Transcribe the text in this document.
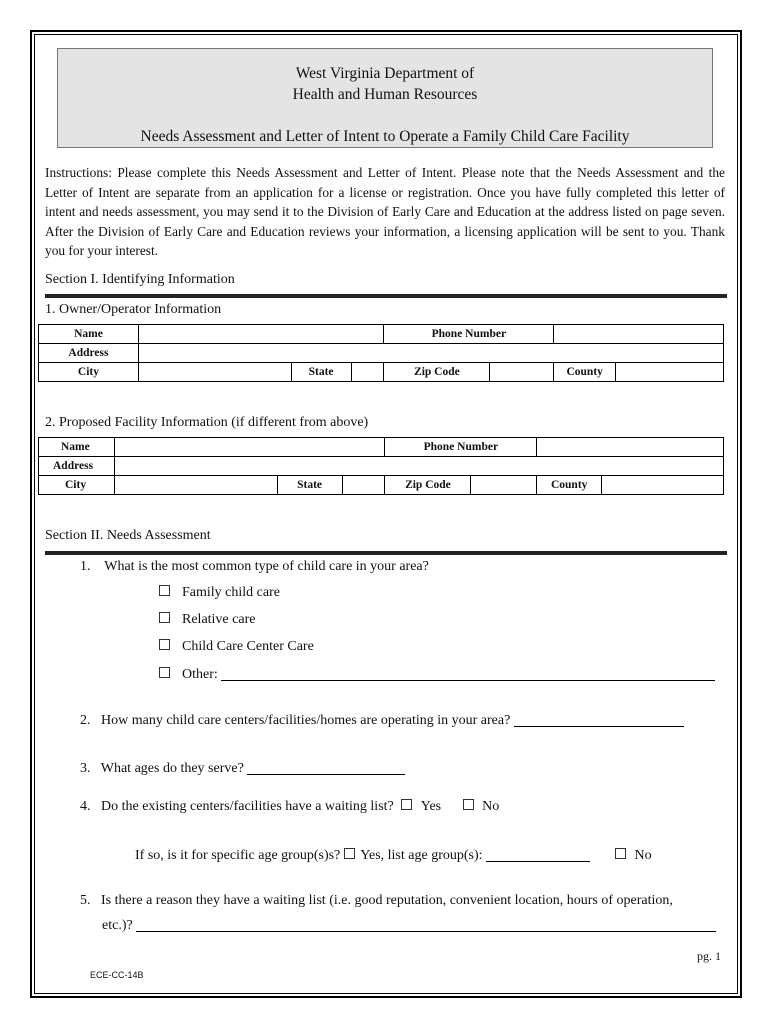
West Virginia Department of
Health and Human Resources
Needs Assessment and Letter of Intent to Operate a Family Child Care Facility

Instructions: Please complete this Needs Assessment and Letter of Intent. Please note that the Needs Assessment and the Letter of Intent are separate from an application for a license or registration. Once you have fully completed this letter of intent and needs assessment, you may send it to the Division of Early Care and Education at the address listed on page seven. After the Division of Early Care and Education reviews your information, a licensing application will be sent to you. Thank you for your interest.

Section I. Identifying Information
1. Owner/Operator Information
Name				Phone Number			
Address							
City		State		Zip Code		County	
2. Proposed Facility Information (if different from above)
Name				Phone Number			
Address							
City		State		Zip Code		County	
Section II. Needs Assessment
1. What is the most common type of child care in your area?
Family child care
Relative care
Child Care Center Care
Other:
2. How many child care centers/facilities/homes are operating in your area?
3. What ages do they serve?
4. Do the existing centers/facilities have a waiting list? Yes	No
If so, is it for specific age group(s)s? Yes, list age group(s):	No
5. Is there a reason they have a waiting list (i.e. good reputation, convenient location, hours of operation,
etc.)?
pg. 1
ECE-CC-14B
